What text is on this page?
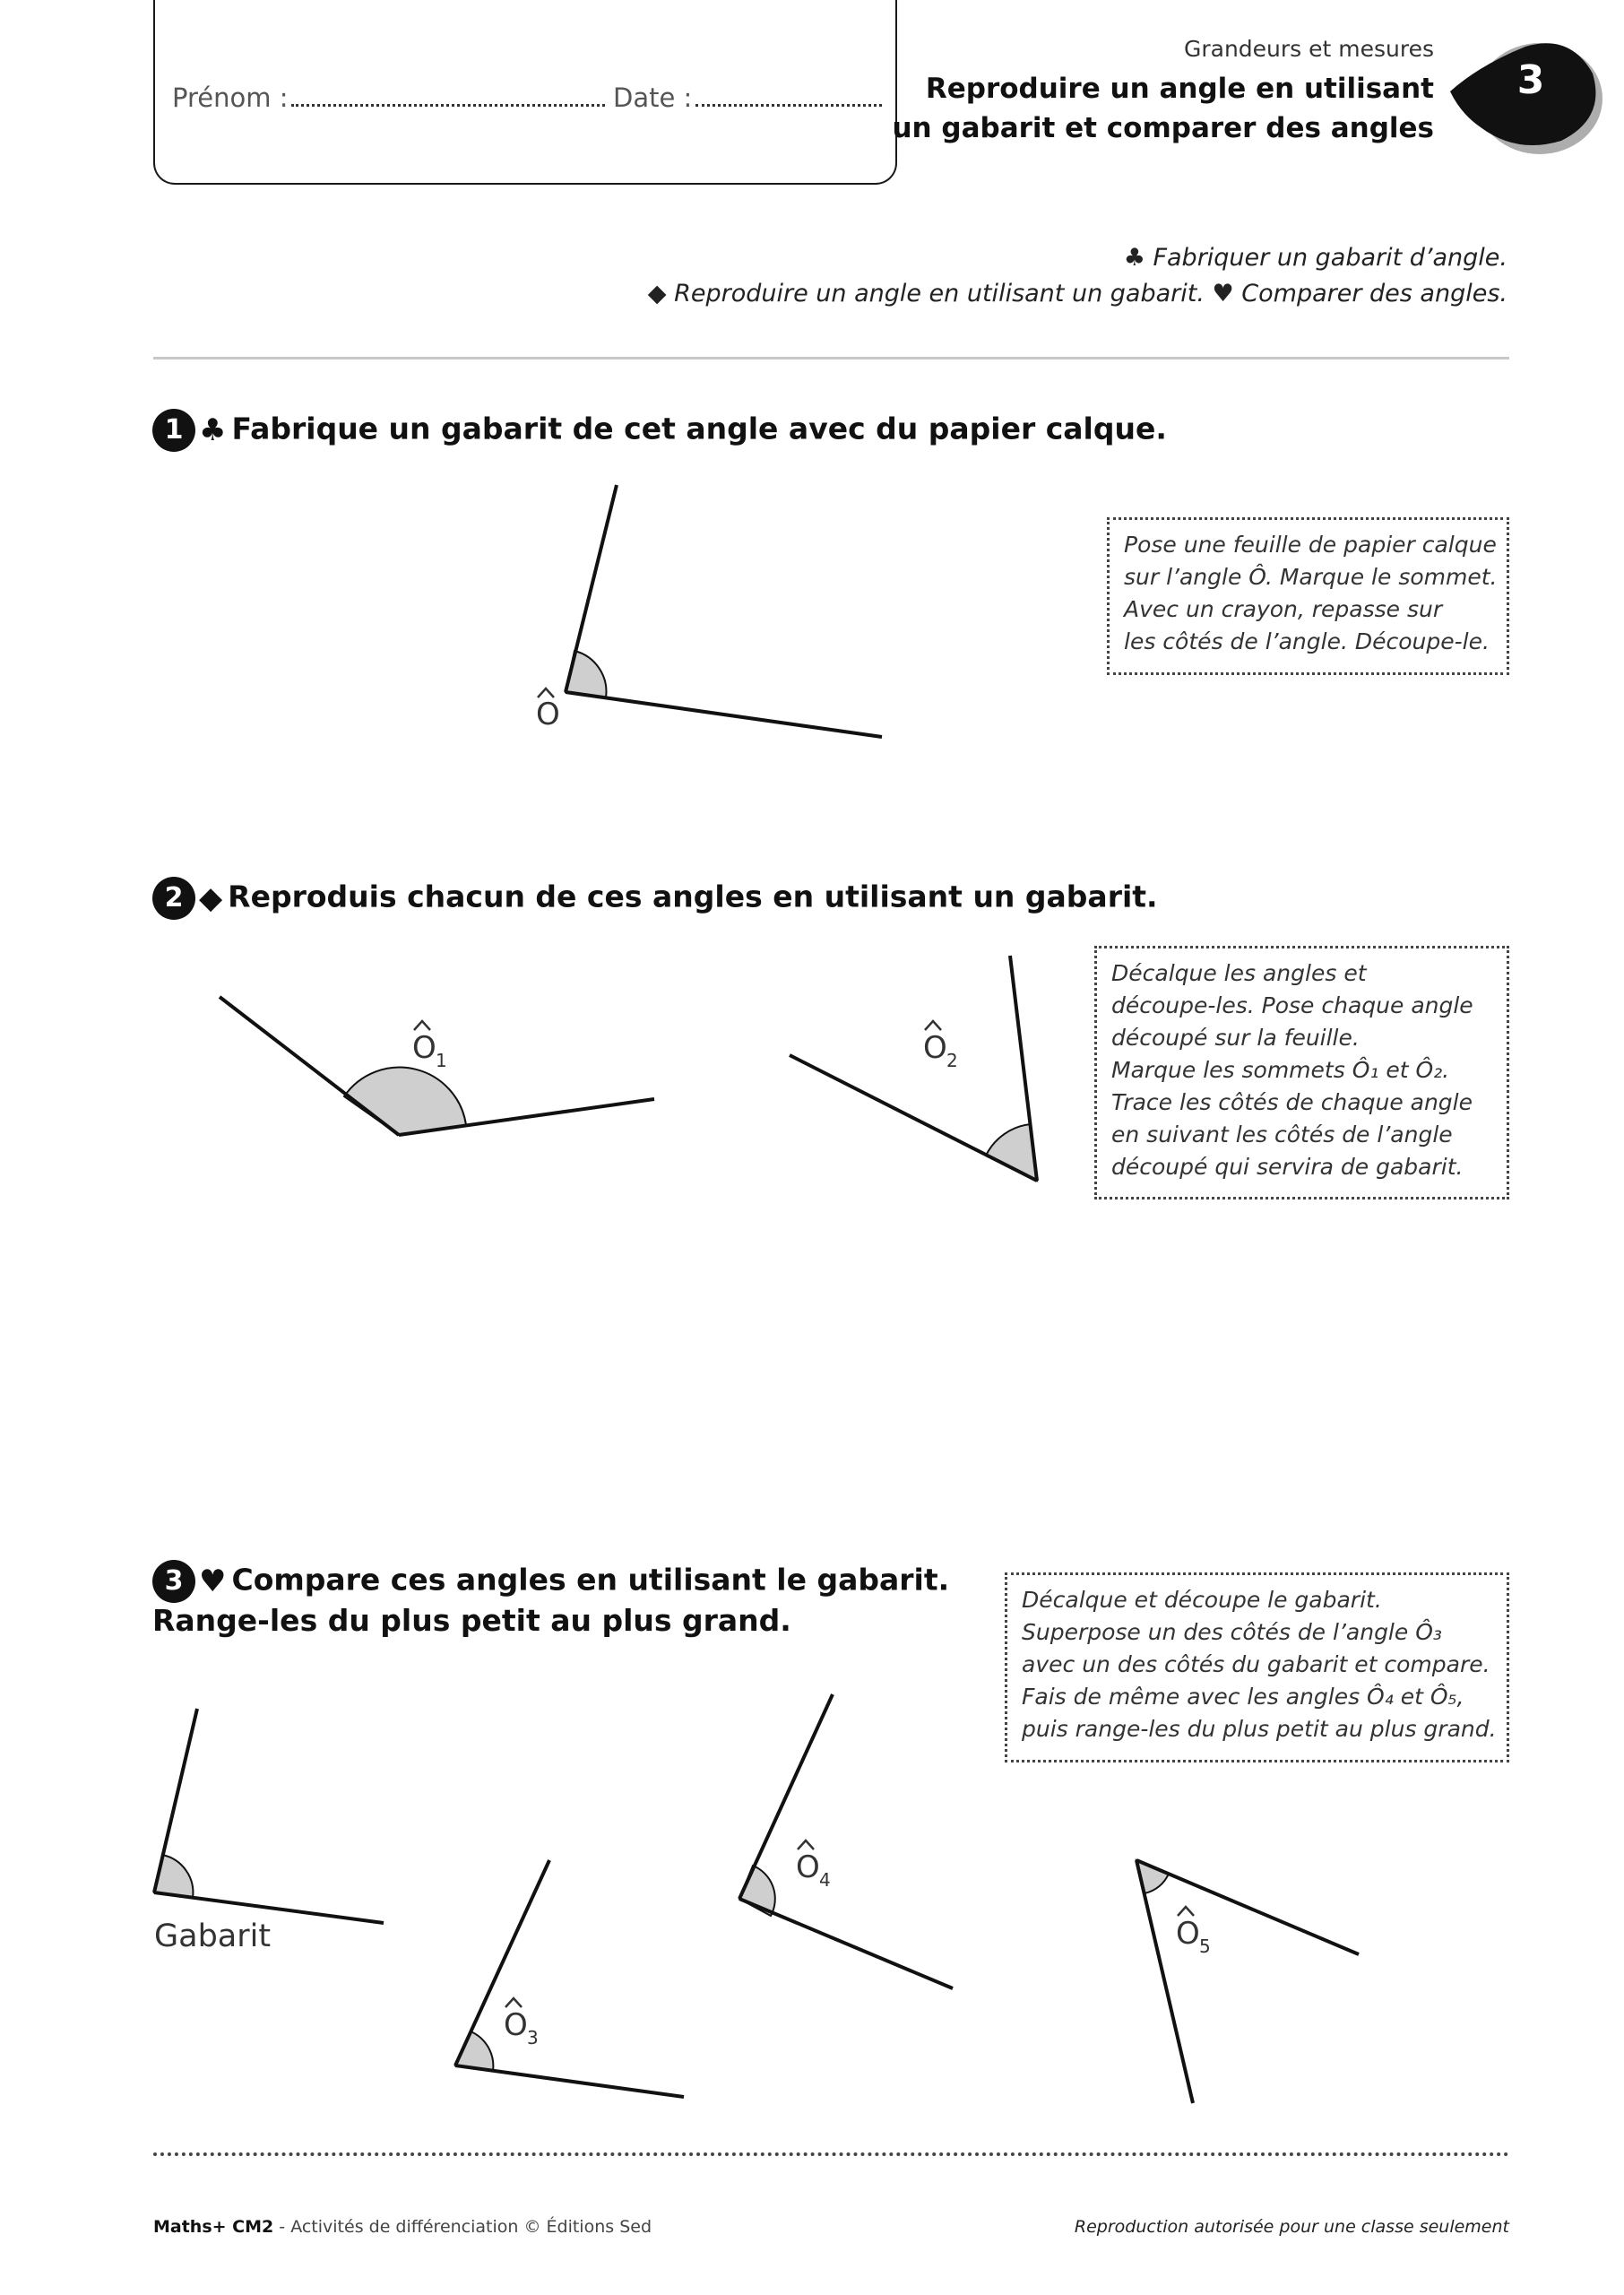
Prénom :	Date :
Grandeurs et mesures
Reproduire un angle en utilisant
un gabarit et comparer des angles
3
♣ Fabriquer un gabarit d’angle.
◆ Reproduire un angle en utilisant un gabarit. ♥ Comparer des angles.
1 ♣ Fabrique un gabarit de cet angle avec du papier calque.
O
Pose une feuille de papier calque
sur l’angle Ô. Marque le sommet.
Avec un crayon, repasse sur
les côtés de l’angle. Découpe-le.
2 ◆ Reproduis chacun de ces angles en utilisant un gabarit.
O 1	O 2
Décalque les angles et
découpe-les. Pose chaque angle
découpé sur la feuille.
Marque les sommets Ô₁ et Ô₂.
Trace les côtés de chaque angle
en suivant les côtés de l’angle
découpé qui servira de gabarit.
3 ♥ Compare ces angles en utilisant le gabarit.
Range-les du plus petit au plus grand.
Décalque et découpe le gabarit.
Superpose un des côtés de l’angle Ô₃
avec un des côtés du gabarit et compare.
Fais de même avec les angles Ô₄ et Ô₅,
puis range-les du plus petit au plus grand.
Gabarit
O 3
O 4
O 5
Maths+ CM2 - Activités de différenciation © Éditions Sed	Reproduction autorisée pour une classe seulement
